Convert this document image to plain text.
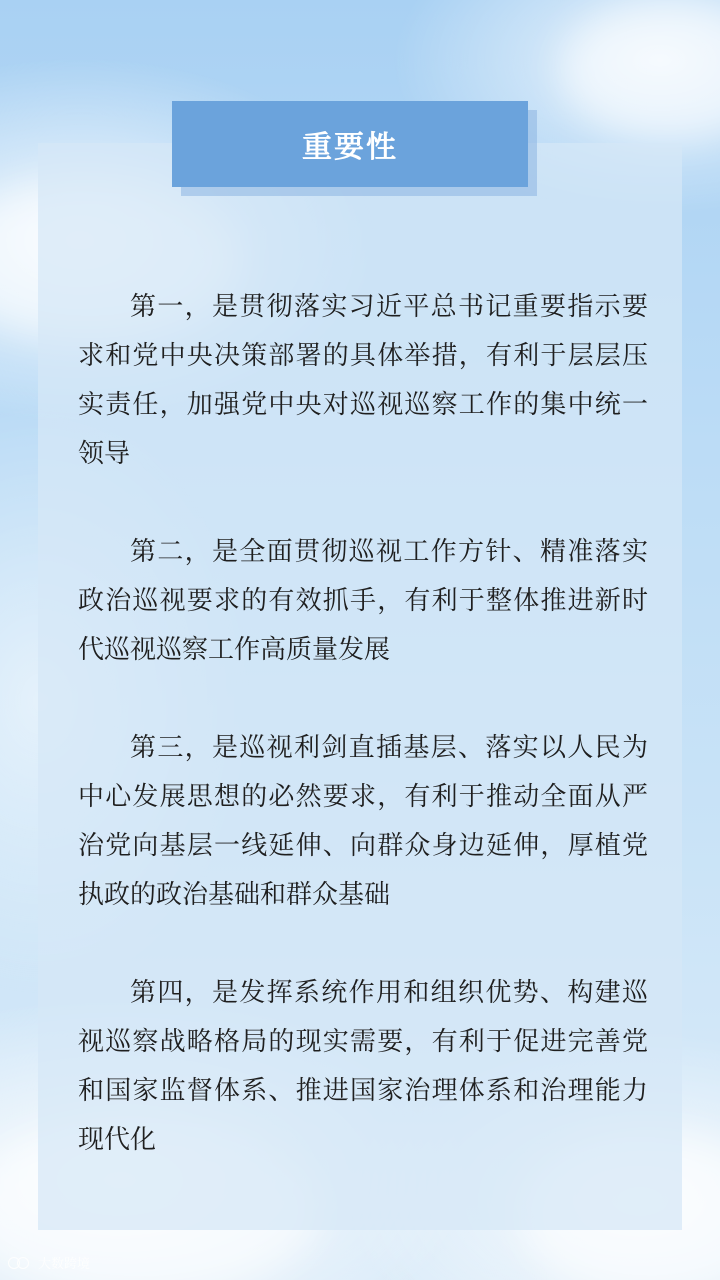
重要性

第一，是贯彻落实习近平总书记重要指示要求和党中央决策部署的具体举措，有利于层层压实责任，加强党中央对巡视巡察工作的集中统一领导

第二，是全面贯彻巡视工作方针、精准落实政治巡视要求的有效抓手，有利于整体推进新时代巡视巡察工作高质量发展

第三，是巡视利剑直插基层、落实以人民为中心发展思想的必然要求，有利于推动全面从严治党向基层一线延伸、向群众身边延伸，厚植党执政的政治基础和群众基础

第四，是发挥系统作用和组织优势、构建巡视巡察战略格局的现实需要，有利于促进完善党和国家监督体系、推进国家治理体系和治理能力现代化

大数跨境
